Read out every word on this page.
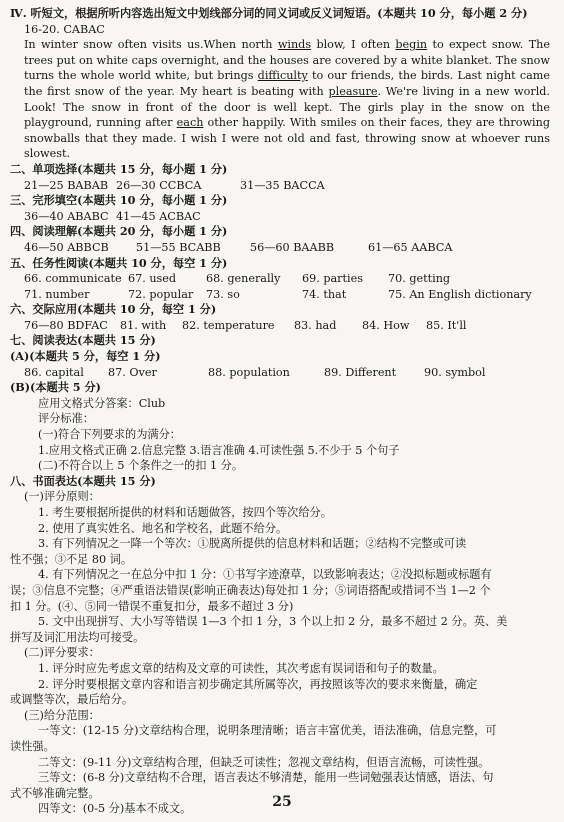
Ⅳ. 听短文，根据所听内容选出短文中划线部分词的同义词或反义词短语。(本题共 10 分，每小题 2 分)
16-20. CABAC
In winter snow often visits us.When north winds blow, I often begin to expect snow. The trees put on white caps overnight, and the houses are covered by a white blanket. The snow turns the whole world white, but brings difficulty to our friends, the birds. Last night came the first snow of the year. My heart is beating with pleasure. We're living in a new world. Look! The snow in front of the door is well kept. The girls play in the snow on the playground, running after each other happily. With smiles on their faces, they are throwing snowballs that they made. I wish I were not old and fast, throwing snow at whoever runs slowest.
二、单项选择(本题共 15 分，每小题 1 分)
21—25 BABAB 26—30 CCBCA	31—35 BACCA
三、完形填空(本题共 10 分，每小题 1 分)
36—40 ABABC 41—45 ACBAC
四、阅读理解(本题共 20 分，每小题 1 分)
46—50 ABBCB	51—55 BCABB	56—60 BAABB	61—65 AABCA
五、任务性阅读(本题共 10 分，每空 1 分)
66. communicate 67. used	68. generally	69. parties	70. getting
71. number	72. popular	73. so	74. that	75. An English dictionary
六、交际应用(本题共 10 分，每空 1 分)
76—80 BDFAC	81. with	82. temperature	83. had	84. How	85. It'll
七、阅读表达(本题共 15 分)
(A)(本题共 5 分，每空 1 分)
86. capital	87. Over	88. population	89. Different	90. symbol
(B)(本题共 5 分)
应用文格式分答案：Club
评分标准：
(一)符合下列要求的为满分：
1.应用文格式正确 2.信息完整 3.语言准确 4.可读性强 5.不少于 5 个句子
(二)不符合以上 5 个条件之一的扣 1 分。
八、书面表达(本题共 15 分)
(一)评分原则：
1. 考生要根据所提供的材料和话题做答，按四个等次给分。
2. 使用了真实姓名、地名和学校名，此题不给分。
3. 有下列情况之一降一个等次：①脱离所提供的信息材料和话题；②结构不完整或可读
性不强；③不足 80 词。
4. 有下列情况之一在总分中扣 1 分：①书写字迹潦草，以致影响表达；②没拟标题或标题有
误；③信息不完整；④严重语法错误(影响正确表达)每处扣 1 分；⑤词语搭配或措词不当 1—2 个
扣 1 分。(④、⑤同一错误不重复扣分，最多不超过 3 分)
5. 文中出现拼写、大小写等错误 1—3 个扣 1 分，3 个以上扣 2 分，最多不超过 2 分。英、美
拼写及词汇用法均可接受。
(二)评分要求：
1. 评分时应先考虑文章的结构及文章的可读性，其次考虑有误词语和句子的数量。
2. 评分时要根据文章内容和语言初步确定其所属等次，再按照该等次的要求来衡量，确定
或调整等次，最后给分。
(三)给分范围：
一等文：(12-15 分)文章结构合理，说明条理清晰；语言丰富优美，语法准确，信息完整，可
读性强。
二等文：(9-11 分)文章结构合理，但缺乏可读性；忽视文章结构，但语言流畅，可读性强。
三等文：(6-8 分)文章结构不合理，语言表达不够清楚，能用一些词勉强表达情感，语法、句
式不够准确完整。
四等文：(0-5 分)基本不成文。	25
